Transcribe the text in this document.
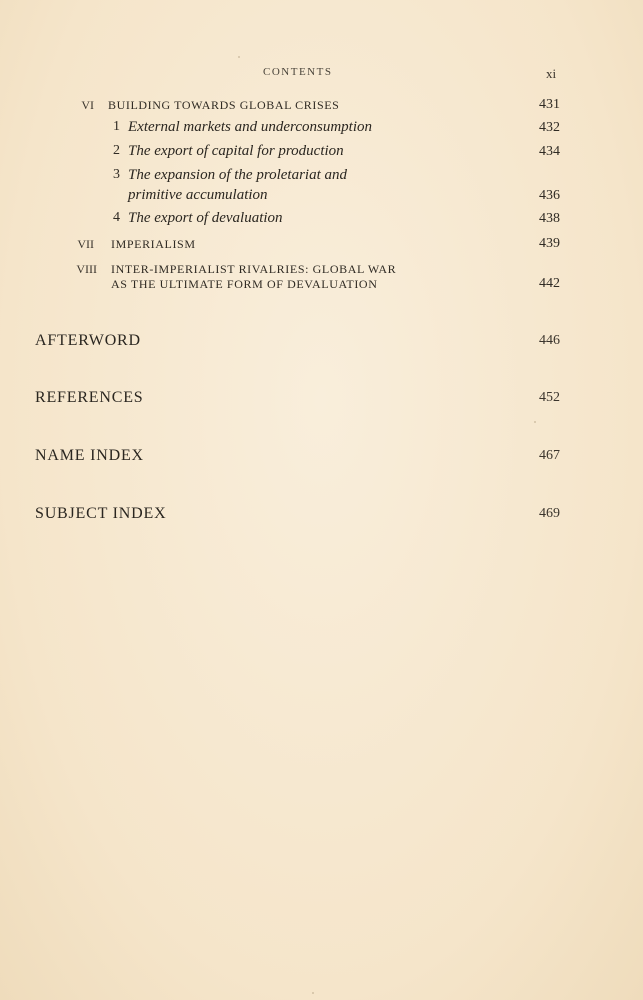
CONTENTS	xi
VI BUILDING TOWARDS GLOBAL CRISES	431
1 External markets and underconsumption	432
2 The export of capital for production	434
3 The expansion of the proletariat and
primitive accumulation	436
4 The export of devaluation	438
VII IMPERIALISM	439
VIII INTER-IMPERIALIST RIVALRIES: GLOBAL WAR
AS THE ULTIMATE FORM OF DEVALUATION	442
AFTERWORD	446
REFERENCES	452
NAME INDEX	467
SUBJECT INDEX	469
